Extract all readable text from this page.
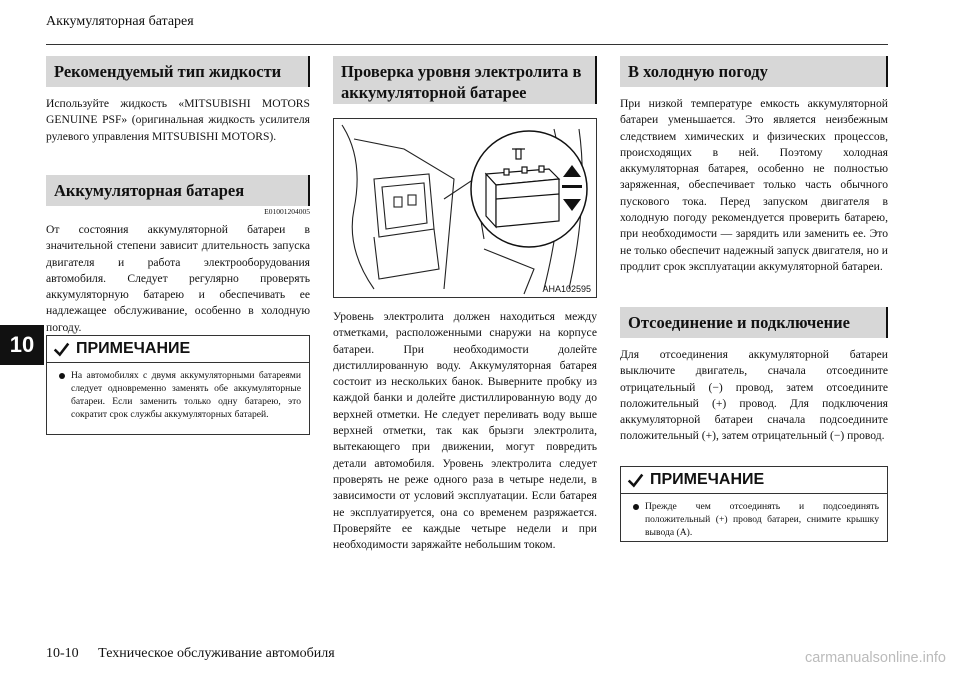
Аккумуляторная батарея
10
Рекомендуемый тип жидкости
Используйте жидкость «MITSUBISHI MOTORS GENUINE PSF» (оригинальная жидкость усилителя рулевого управления MITSUBISHI MOTORS).
Аккумуляторная батарея
E01001204005
От состояния аккумуляторной батареи в значительной степени зависит длительность запуска двигателя и работа электрооборудования автомобиля. Следует регулярно проверять аккумуляторную батарею и обеспечивать ее надлежащее обслуживание, особенно в холодную погоду.
ПРИМЕЧАНИЕ
На автомобилях с двумя аккумуляторными батареями следует одновременно заменять обе аккумуляторные батареи. Если заменить только одну батарею, это сократит срок службы аккумуляторных батарей.
Проверка уровня электролита в аккумуляторной батарее
AHA102595
Уровень электролита должен находиться между отметками, расположенными снаружи на корпусе батареи. При необходимости долейте дистиллированную воду. Аккумуляторная батарея состоит из нескольких банок. Выверните пробку из каждой банки и долейте дистиллированную воду до верхней отметки. Не следует переливать воду выше верхней отметки, так как брызги электролита, вытекающего при движении, могут повредить детали автомобиля. Уровень электролита следует проверять не реже одного раза в четыре недели, в зависимости от условий эксплуатации. Если батарея не эксплуатируется, она со временем разряжается. Проверяйте ее каждые четыре недели и при необходимости заряжайте небольшим током.
В холодную погоду
При низкой температуре емкость аккумуляторной батареи уменьшается. Это является неизбежным следствием химических и физических процессов, происходящих в ней. Поэтому холодная аккумуляторная батарея, особенно не полностью заряженная, обеспечивает только часть обычного пускового тока. Перед запуском двигателя в холодную погоду рекомендуется проверить батарею, при необходимости — зарядить или заменить ее. Это не только обеспечит надежный запуск двигателя, но и продлит срок эксплуатации аккумуляторной батареи.
Отсоединение и подключение
Для отсоединения аккумуляторной батареи выключите двигатель, сначала отсоедините отрицательный (−) провод, затем отсоедините положительный (+) провод. Для подключения аккумуляторной батареи сначала подсоедините положительный (+), затем отрицательный (−) провод.
ПРИМЕЧАНИЕ
Прежде чем отсоединять и подсоединять положительный (+) провод батареи, снимите крышку вывода (A).
10-10 Техническое обслуживание автомобиля	carmanualsonline.info
